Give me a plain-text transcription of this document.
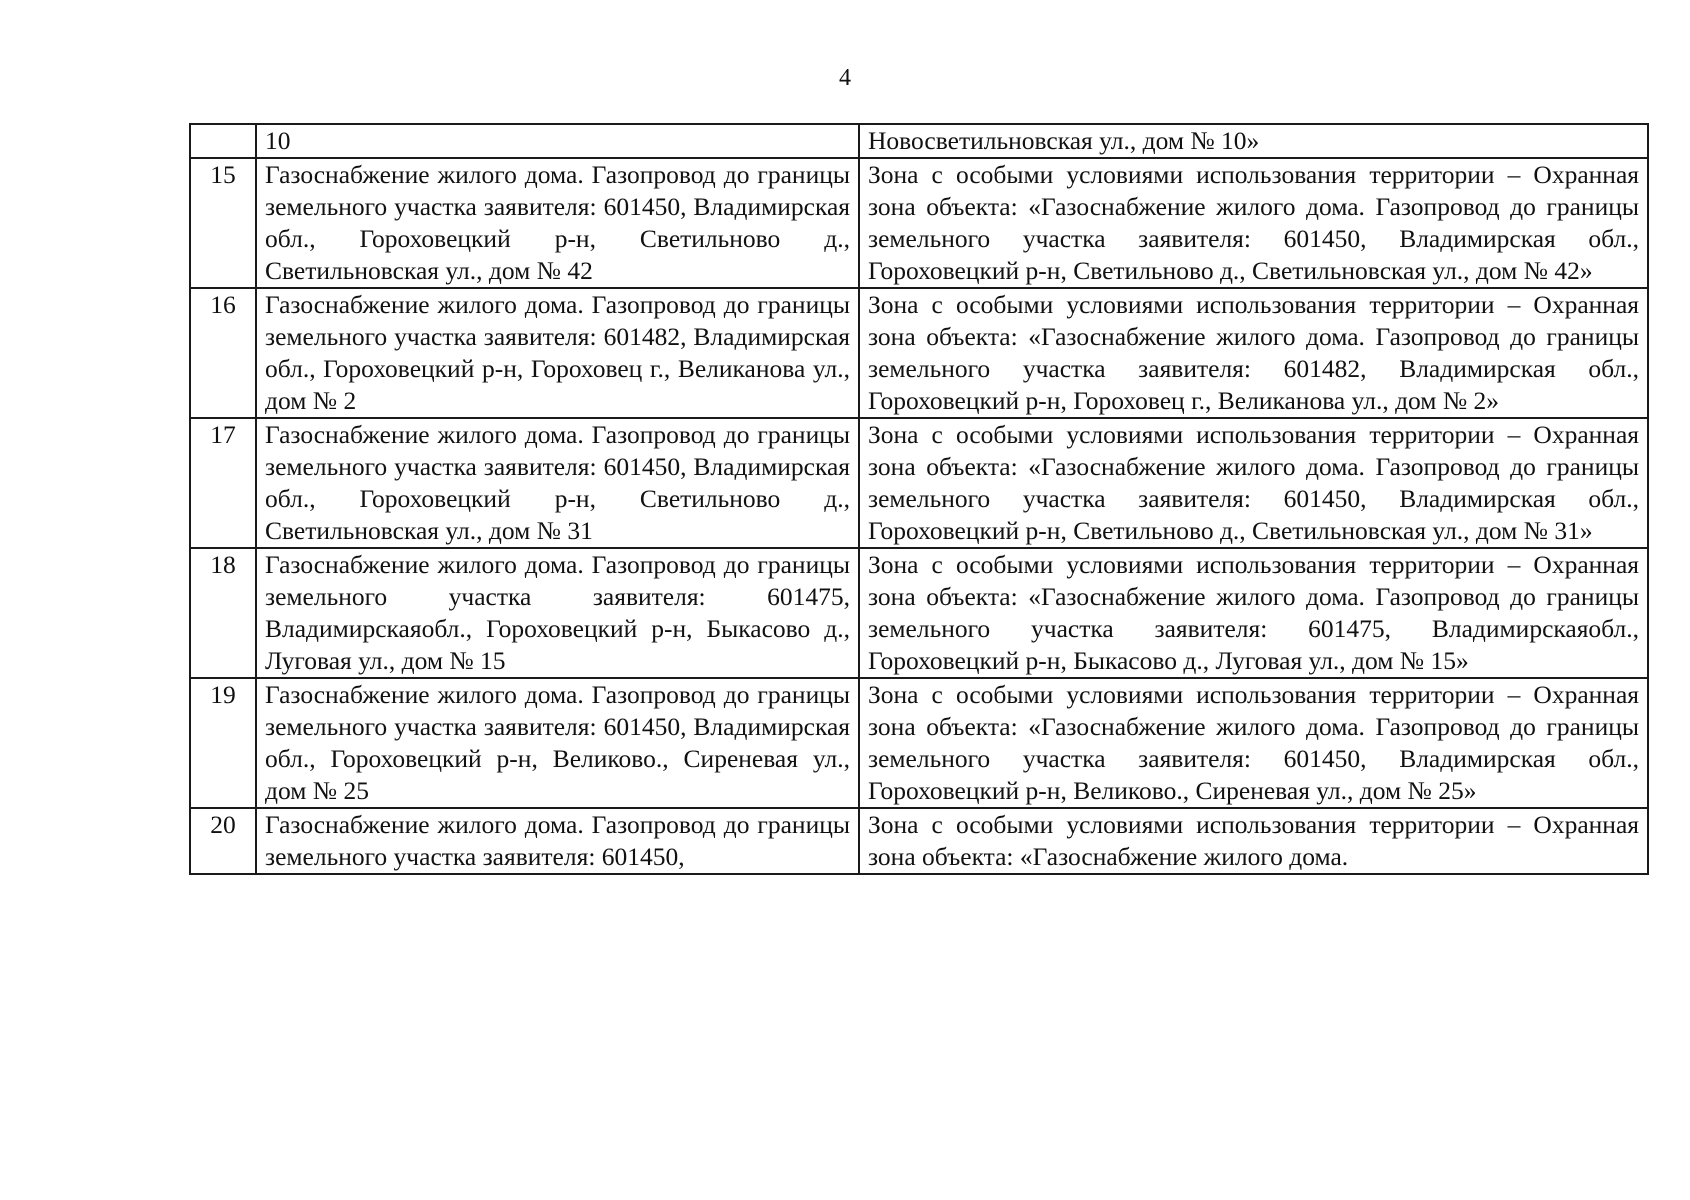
4
	10	Новосветильновская ул., дом № 10»
15	Газоснабжение жилого дома. Газопровод до границы земельного участка заявителя: 601450, Владимирская обл., Гороховецкий р-н, Светильново д., Светильновская ул., дом № 42	Зона с особыми условиями использования территории – Охранная зона объекта: «Газоснабжение жилого дома. Газопровод до границы земельного участка заявителя: 601450, Владимирская обл., Гороховецкий р-н, Светильново д., Светильновская ул., дом № 42»
16	Газоснабжение жилого дома. Газопровод до границы земельного участка заявителя: 601482, Владимирская обл., Гороховецкий р-н, Гороховец г., Великанова ул., дом № 2	Зона с особыми условиями использования территории – Охранная зона объекта: «Газоснабжение жилого дома. Газопровод до границы земельного участка заявителя: 601482, Владимирская обл., Гороховецкий р-н, Гороховец г., Великанова ул., дом № 2»
17	Газоснабжение жилого дома. Газопровод до границы земельного участка заявителя: 601450, Владимирская обл., Гороховецкий р-н, Светильново д., Светильновская ул., дом № 31	Зона с особыми условиями использования территории – Охранная зона объекта: «Газоснабжение жилого дома. Газопровод до границы земельного участка заявителя: 601450, Владимирская обл., Гороховецкий р-н, Светильново д., Светильновская ул., дом № 31»
18	Газоснабжение жилого дома. Газопровод до границы земельного участка заявителя: 601475, Владимирскаяобл., Гороховецкий р-н, Быкасово д., Луговая ул., дом № 15	Зона с особыми условиями использования территории – Охранная зона объекта: «Газоснабжение жилого дома. Газопровод до границы земельного участка заявителя: 601475, Владимирскаяобл., Гороховецкий р-н, Быкасово д., Луговая ул., дом № 15»
19	Газоснабжение жилого дома. Газопровод до границы земельного участка заявителя: 601450, Владимирская обл., Гороховецкий р-н, Великово., Сиреневая ул., дом № 25	Зона с особыми условиями использования территории – Охранная зона объекта: «Газоснабжение жилого дома. Газопровод до границы земельного участка заявителя: 601450, Владимирская обл., Гороховецкий р-н, Великово., Сиреневая ул., дом № 25»
20	Газоснабжение жилого дома. Газопровод до границы земельного участка заявителя: 601450,	Зона с особыми условиями использования территории – Охранная зона объекта: «Газоснабжение жилого дома.
